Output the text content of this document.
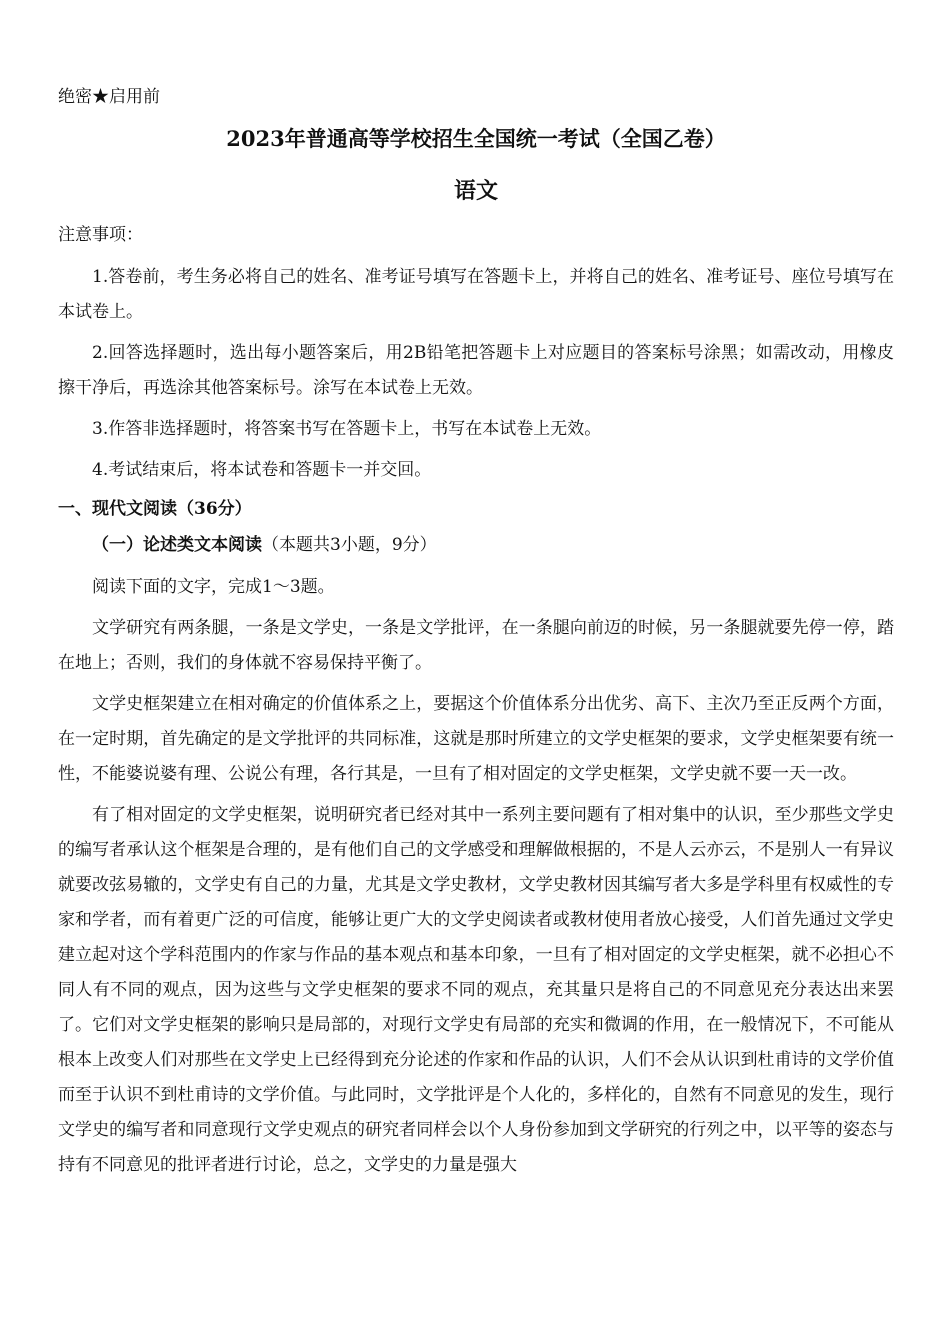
绝密★启用前
2023年普通高等学校招生全国统一考试（全国乙卷）
语文
注意事项：
1.答卷前，考生务必将自己的姓名、准考证号填写在答题卡上，并将自己的姓名、准考证号、座位号填写在本试卷上。
2.回答选择题时，选出每小题答案后，用2B铅笔把答题卡上对应题目的答案标号涂黑；如需改动，用橡皮擦干净后，再选涂其他答案标号。涂写在本试卷上无效。
3.作答非选择题时，将答案书写在答题卡上，书写在本试卷上无效。
4.考试结束后，将本试卷和答题卡一并交回。
一、现代文阅读（36分）
（一）论述类文本阅读（本题共3小题，9分）
阅读下面的文字，完成1～3题。
文学研究有两条腿，一条是文学史，一条是文学批评，在一条腿向前迈的时候，另一条腿就要先停一停，踏在地上；否则，我们的身体就不容易保持平衡了。
文学史框架建立在相对确定的价值体系之上，要据这个价值体系分出优劣、高下、主次乃至正反两个方面，在一定时期，首先确定的是文学批评的共同标准，这就是那时所建立的文学史框架的要求，文学史框架要有统一性，不能婆说婆有理、公说公有理，各行其是，一旦有了相对固定的文学史框架，文学史就不要一天一改。
有了相对固定的文学史框架，说明研究者已经对其中一系列主要问题有了相对集中的认识，至少那些文学史的编写者承认这个框架是合理的，是有他们自己的文学感受和理解做根据的，不是人云亦云，不是别人一有异议就要改弦易辙的，文学史有自己的力量，尤其是文学史教材，文学史教材因其编写者大多是学科里有权威性的专家和学者，而有着更广泛的可信度，能够让更广大的文学史阅读者或教材使用者放心接受，人们首先通过文学史建立起对这个学科范围内的作家与作品的基本观点和基本印象，一旦有了相对固定的文学史框架，就不必担心不同人有不同的观点，因为这些与文学史框架的要求不同的观点，充其量只是将自己的不同意见充分表达出来罢了。它们对文学史框架的影响只是局部的，对现行文学史有局部的充实和微调的作用，在一般情况下，不可能从根本上改变人们对那些在文学史上已经得到充分论述的作家和作品的认识，人们不会从认识到杜甫诗的文学价值而至于认识不到杜甫诗的文学价值。与此同时，文学批评是个人化的，多样化的，自然有不同意见的发生，现行文学史的编写者和同意现行文学史观点的研究者同样会以个人身份参加到文学研究的行列之中，以平等的姿态与持有不同意见的批评者进行讨论，总之，文学史的力量是强大
